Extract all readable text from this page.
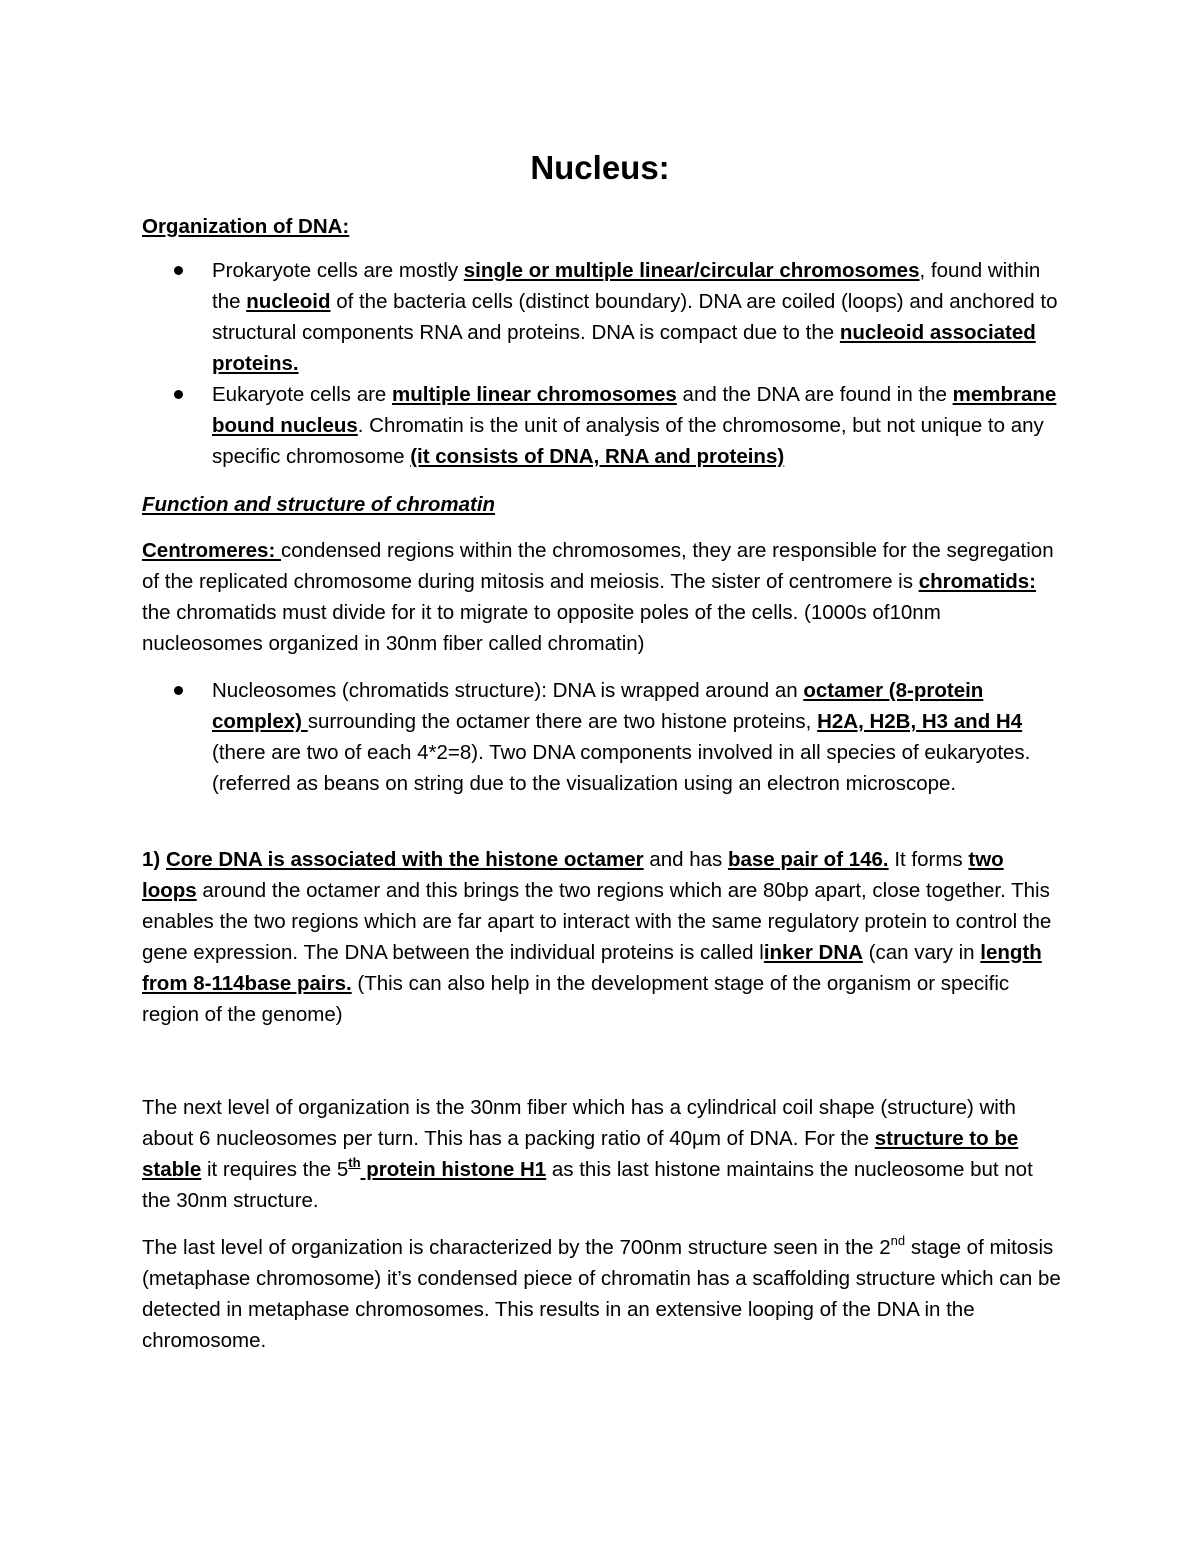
Nucleus:

Organization of DNA:

Prokaryote cells are mostly single or multiple linear/circular chromosomes, found within the nucleoid of the bacteria cells (distinct boundary). DNA are coiled (loops) and anchored to structural components RNA and proteins. DNA is compact due to the nucleoid associated proteins.
Eukaryote cells are multiple linear chromosomes and the DNA are found in the membrane bound nucleus. Chromatin is the unit of analysis of the chromosome, but not unique to any specific chromosome (it consists of DNA, RNA and proteins)

Function and structure of chromatin

Centromeres: condensed regions within the chromosomes, they are responsible for the segregation of the replicated chromosome during mitosis and meiosis. The sister of centromere is chromatids: the chromatids must divide for it to migrate to opposite poles of the cells. (1000s of10nm nucleosomes organized in 30nm fiber called chromatin)

Nucleosomes (chromatids structure): DNA is wrapped around an octamer (8-protein complex) surrounding the octamer there are two histone proteins, H2A, H2B, H3 and H4 (there are two of each 4*2=8). Two DNA components involved in all species of eukaryotes. (referred as beans on string due to the visualization using an electron microscope.

1) Core DNA is associated with the histone octamer and has base pair of 146. It forms two loops around the octamer and this brings the two regions which are 80bp apart, close together. This enables the two regions which are far apart to interact with the same regulatory protein to control the gene expression. The DNA between the individual proteins is called linker DNA (can vary in length from 8-114base pairs. (This can also help in the development stage of the organism or specific region of the genome)

The next level of organization is the 30nm fiber which has a cylindrical coil shape (structure) with about 6 nucleosomes per turn. This has a packing ratio of 40μm of DNA. For the structure to be stable it requires the 5th protein histone H1 as this last histone maintains the nucleosome but not the 30nm structure.

The last level of organization is characterized by the 700nm structure seen in the 2nd stage of mitosis (metaphase chromosome) it’s condensed piece of chromatin has a scaffolding structure which can be detected in metaphase chromosomes. This results in an extensive looping of the DNA in the chromosome.
